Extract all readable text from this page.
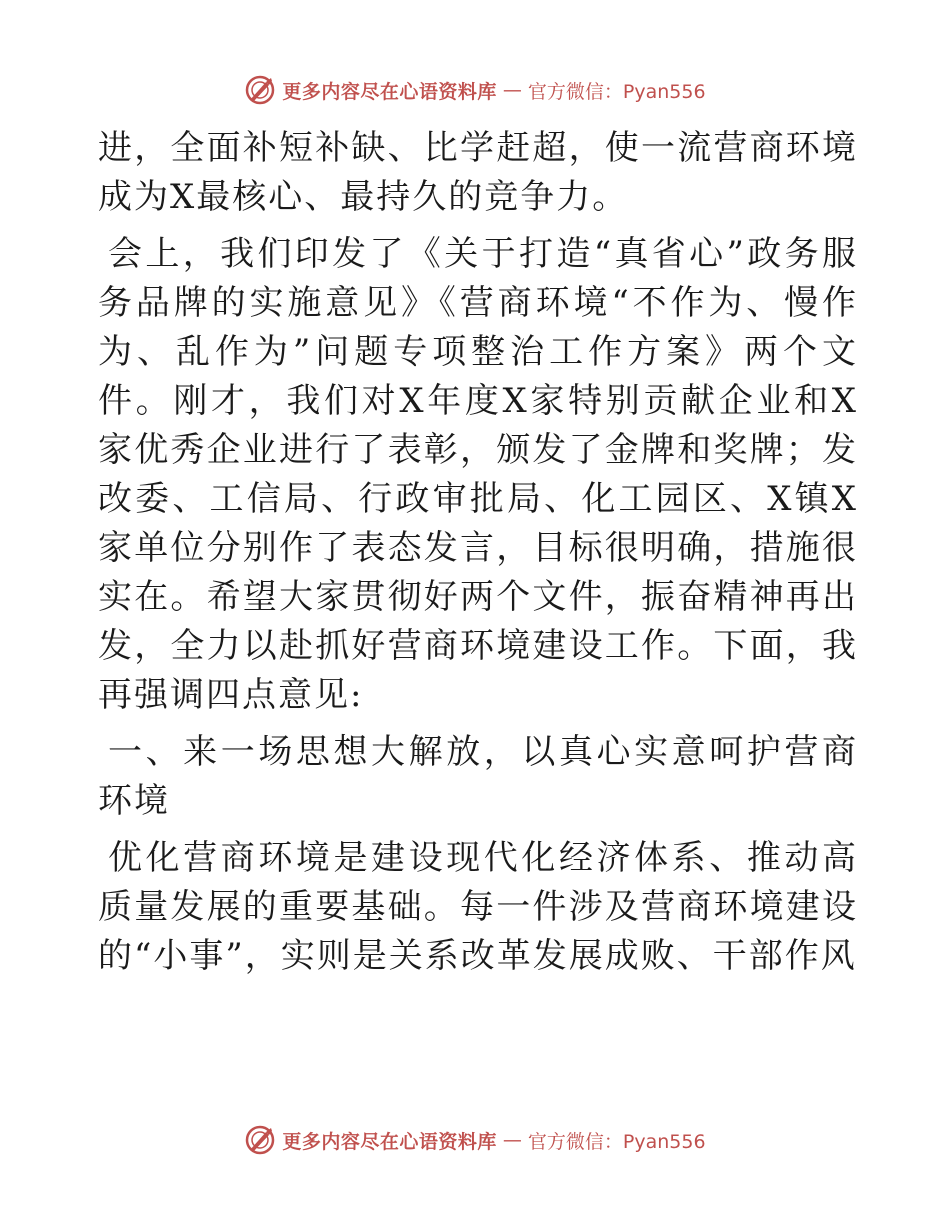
更多内容尽在心语资料库 — 官方微信：Pyan556

进，全面补短补缺、比学赶超，使一流营商环境成为X最核心、最持久的竞争力。

会上，我们印发了《关于打造“真省心”政务服务品牌的实施意见》《营商环境“不作为、慢作为、乱作为”问题专项整治工作方案》两个文件。刚才，我们对X年度X家特别贡献企业和X家优秀企业进行了表彰，颁发了金牌和奖牌；发改委、工信局、行政审批局、化工园区、X镇X家单位分别作了表态发言，目标很明确，措施很实在。希望大家贯彻好两个文件，振奋精神再出发，全力以赴抓好营商环境建设工作。下面，我再强调四点意见:

一、来一场思想大解放，以真心实意呵护营商环境

优化营商环境是建设现代化经济体系、推动高质量发展的重要基础。每一件涉及营商环境建设的“小事”，实则是关系改革发展成败、干部作风

更多内容尽在心语资料库 — 官方微信：Pyan556
